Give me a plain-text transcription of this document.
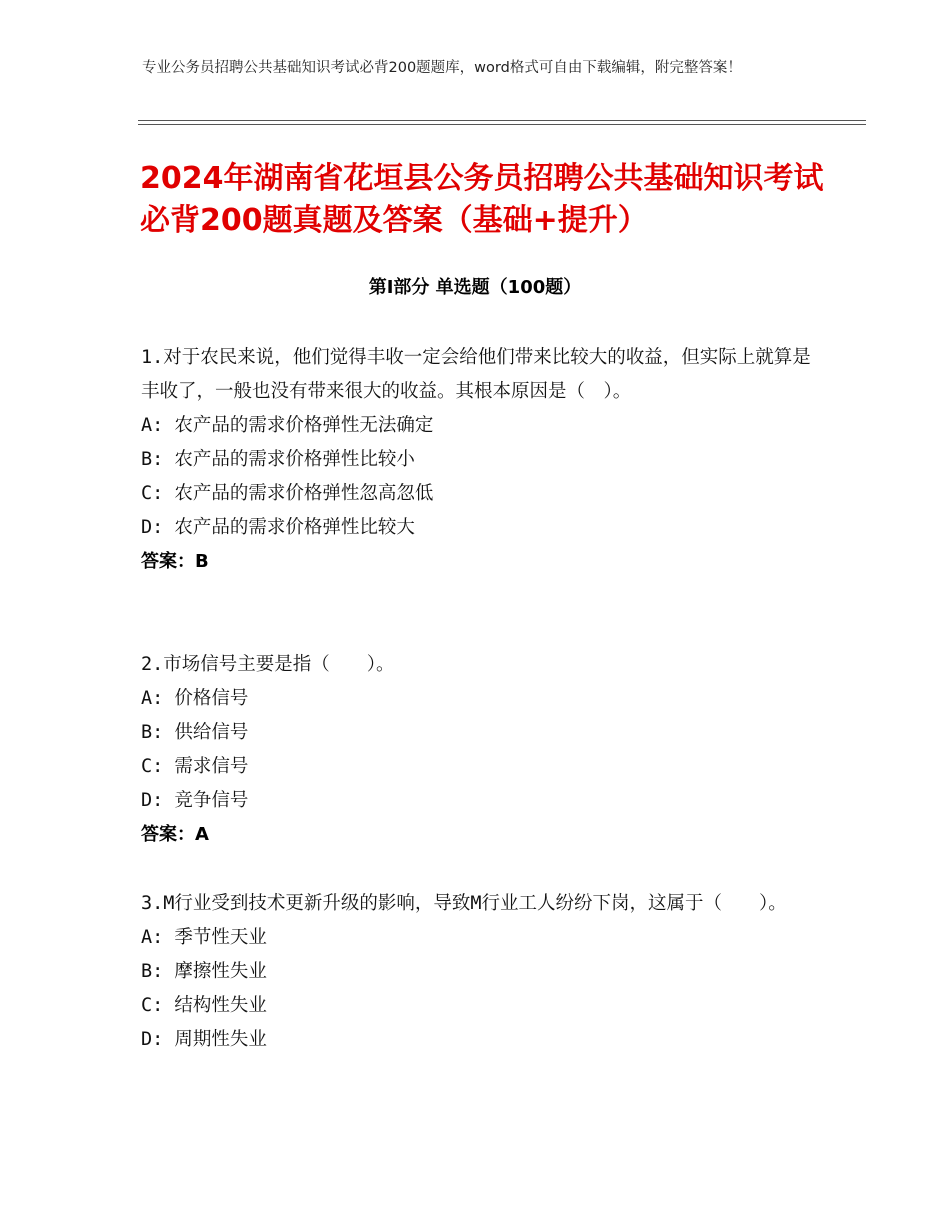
专业公务员招聘公共基础知识考试必背200题题库，word格式可自由下载编辑，附完整答案！
2024年湖南省花垣县公务员招聘公共基础知识考试必背200题真题及答案（基础+提升）
第Ⅰ部分 单选题（100题）

1.对于农民来说，他们觉得丰收一定会给他们带来比较大的收益，但实际上就算是丰收了，一般也没有带来很大的收益。其根本原因是（　）。

A: 农产品的需求价格弹性无法确定

B: 农产品的需求价格弹性比较小

C: 农产品的需求价格弹性忽高忽低

D: 农产品的需求价格弹性比较大

答案：B

2.市场信号主要是指（　　）。

A: 价格信号

B: 供给信号

C: 需求信号

D: 竞争信号

答案：A

3.M行业受到技术更新升级的影响，导致M行业工人纷纷下岗，这属于（　　）。

A: 季节性天业

B: 摩擦性失业

C: 结构性失业

D: 周期性失业
